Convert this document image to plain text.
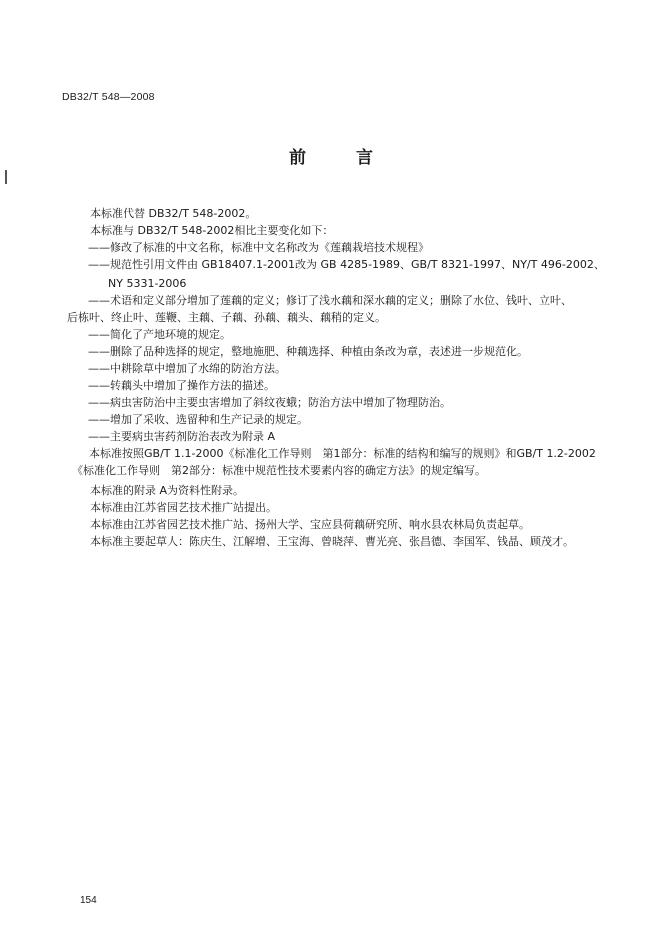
DB32/T 548—2008
前 言
本标准代替 DB32/T 548-2002。
本标准与 DB32/T 548-2002相比主要变化如下：
——修改了标准的中文名称，标准中文名称改为《莲藕栽培技术规程》
——规范性引用文件由 GB18407.1-2001改为 GB 4285-1989、GB/T 8321-1997、NY/T 496-2002、
NY 5331-2006
——术语和定义部分增加了莲藕的定义；修订了浅水藕和深水藕的定义；删除了水位、钱叶、立叶、
后栋叶、终止叶、莲鞭、主藕、子藕、孙藕、藕头、藕稍的定义。
——简化了产地环境的规定。
——删除了品种选择的规定，整地施肥、种藕选择、种植由条改为章，表述进一步规范化。
——中耕除草中增加了水绵的防治方法。
——转藕头中增加了操作方法的描述。
——病虫害防治中主要虫害增加了斜纹夜蛾；防治方法中增加了物理防治。
——增加了采收、选留种和生产记录的规定。
——主要病虫害药剂防治表改为附录 A
本标准按照GB/T 1.1-2000《标准化工作导则　第1部分：标准的结构和编写的规则》和GB/T 1.2-2002
《标准化工作导则　第2部分：标准中规范性技术要素内容的确定方法》的规定编写。
本标准的附录 A为资料性附录。
本标准由江苏省园艺技术推广站提出。
本标准由江苏省园艺技术推广站、扬州大学、宝应县荷藕研究所、响水县农林局负责起草。
本标准主要起草人：陈庆生、江解增、王宝海、曾晓萍、曹光亮、张昌德、李国军、钱晶、顾茂才。
154
